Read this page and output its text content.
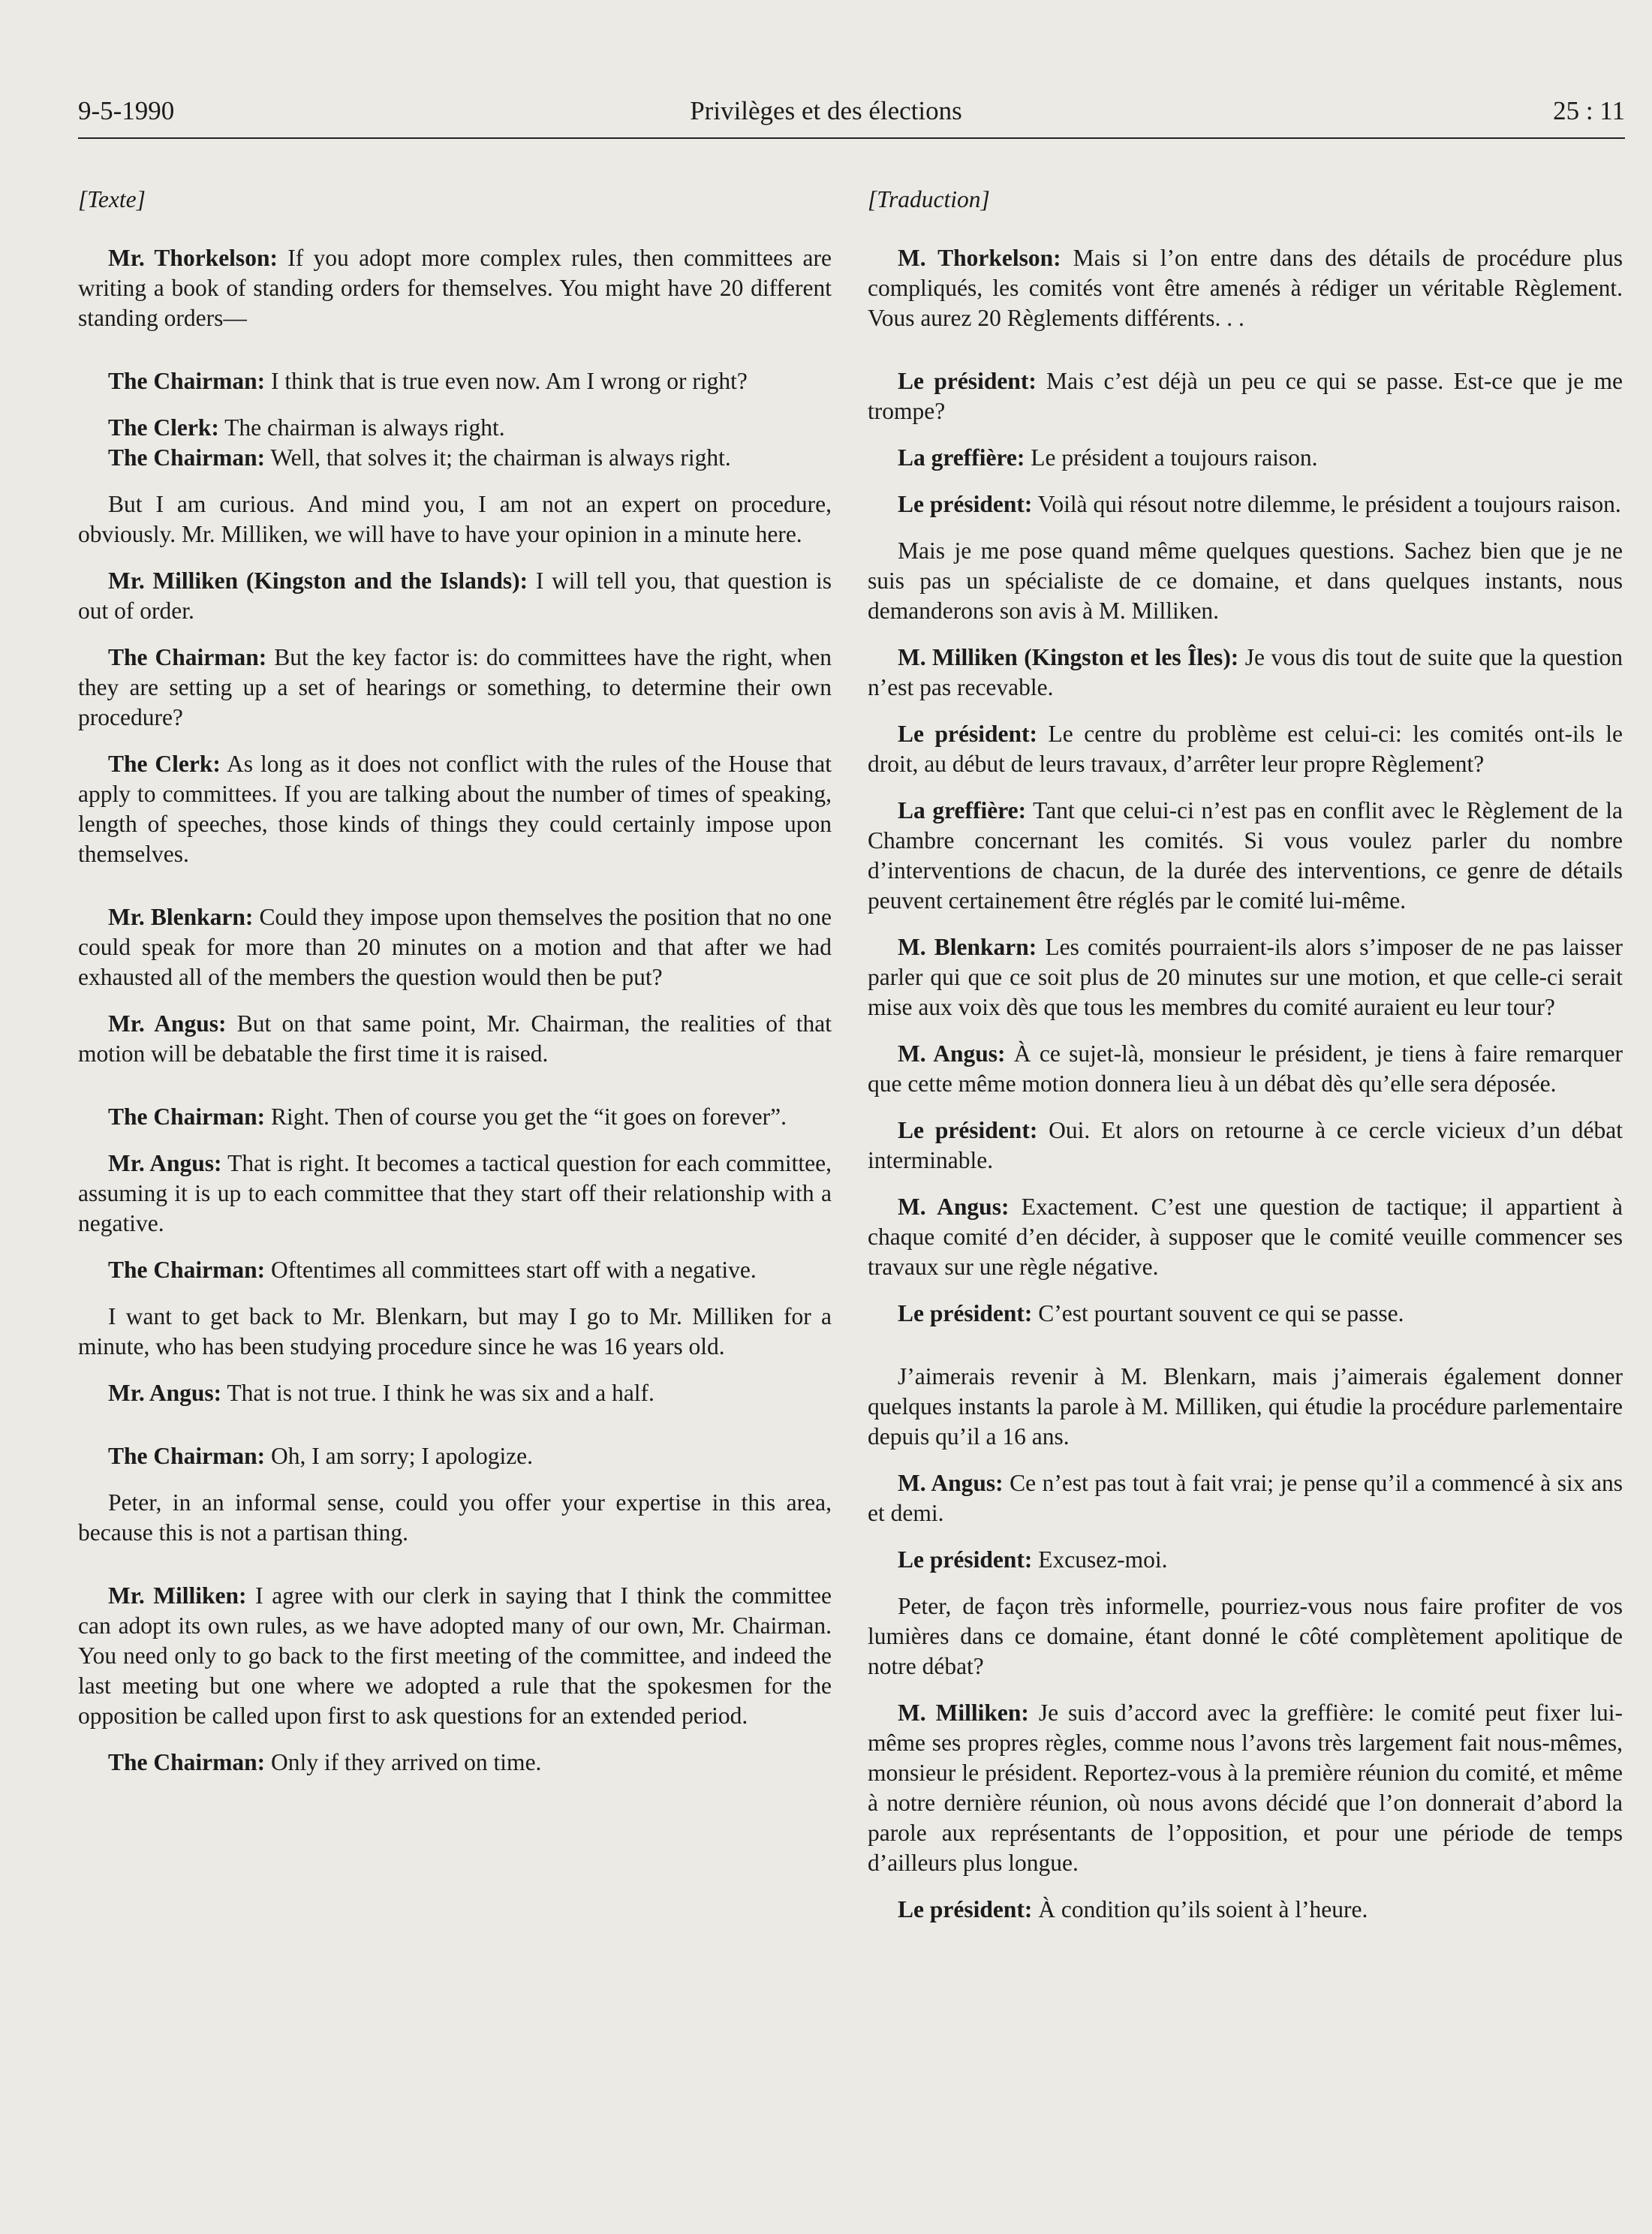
9-5-1990	Privilèges et des élections	25 : 11
[Texte]

Mr. Thorkelson: If you adopt more complex rules, then committees are writing a book of standing orders for themselves. You might have 20 different standing orders—

The Chairman: I think that is true even now. Am I wrong or right?

The Clerk: The chairman is always right.

The Chairman: Well, that solves it; the chairman is always right.

But I am curious. And mind you, I am not an expert on procedure, obviously. Mr. Milliken, we will have to have your opinion in a minute here.

Mr. Milliken (Kingston and the Islands): I will tell you, that question is out of order.

The Chairman: But the key factor is: do committees have the right, when they are setting up a set of hearings or something, to determine their own procedure?

The Clerk: As long as it does not conflict with the rules of the House that apply to committees. If you are talking about the number of times of speaking, length of speeches, those kinds of things they could certainly impose upon themselves.

Mr. Blenkarn: Could they impose upon themselves the position that no one could speak for more than 20 minutes on a motion and that after we had exhausted all of the members the question would then be put?

Mr. Angus: But on that same point, Mr. Chairman, the realities of that motion will be debatable the first time it is raised.

The Chairman: Right. Then of course you get the “it goes on forever”.

Mr. Angus: That is right. It becomes a tactical question for each committee, assuming it is up to each committee that they start off their relationship with a negative.

The Chairman: Oftentimes all committees start off with a negative.

I want to get back to Mr. Blenkarn, but may I go to Mr. Milliken for a minute, who has been studying procedure since he was 16 years old.

Mr. Angus: That is not true. I think he was six and a half.

The Chairman: Oh, I am sorry; I apologize.

Peter, in an informal sense, could you offer your expertise in this area, because this is not a partisan thing.

Mr. Milliken: I agree with our clerk in saying that I think the committee can adopt its own rules, as we have adopted many of our own, Mr. Chairman. You need only to go back to the first meeting of the committee, and indeed the last meeting but one where we adopted a rule that the spokesmen for the opposition be called upon first to ask questions for an extended period.

The Chairman: Only if they arrived on time.

[Traduction]

M. Thorkelson: Mais si l’on entre dans des détails de procédure plus compliqués, les comités vont être amenés à rédiger un véritable Règlement. Vous aurez 20 Règlements différents. . .

Le président: Mais c’est déjà un peu ce qui se passe. Est-ce que je me trompe?

La greffière: Le président a toujours raison.

Le président: Voilà qui résout notre dilemme, le président a toujours raison.

Mais je me pose quand même quelques questions. Sachez bien que je ne suis pas un spécialiste de ce domaine, et dans quelques instants, nous demanderons son avis à M. Milliken.

M. Milliken (Kingston et les Îles): Je vous dis tout de suite que la question n’est pas recevable.

Le président: Le centre du problème est celui-ci: les comités ont-ils le droit, au début de leurs travaux, d’arrêter leur propre Règlement?

La greffière: Tant que celui-ci n’est pas en conflit avec le Règlement de la Chambre concernant les comités. Si vous voulez parler du nombre d’interventions de chacun, de la durée des interventions, ce genre de détails peuvent certainement être réglés par le comité lui-même.

M. Blenkarn: Les comités pourraient-ils alors s’imposer de ne pas laisser parler qui que ce soit plus de 20 minutes sur une motion, et que celle-ci serait mise aux voix dès que tous les membres du comité auraient eu leur tour?

M. Angus: À ce sujet-là, monsieur le président, je tiens à faire remarquer que cette même motion donnera lieu à un débat dès qu’elle sera déposée.

Le président: Oui. Et alors on retourne à ce cercle vicieux d’un débat interminable.

M. Angus: Exactement. C’est une question de tactique; il appartient à chaque comité d’en décider, à supposer que le comité veuille commencer ses travaux sur une règle négative.

Le président: C’est pourtant souvent ce qui se passe.

J’aimerais revenir à M. Blenkarn, mais j’aimerais également donner quelques instants la parole à M. Milliken, qui étudie la procédure parlementaire depuis qu’il a 16 ans.

M. Angus: Ce n’est pas tout à fait vrai; je pense qu’il a commencé à six ans et demi.

Le président: Excusez-moi.

Peter, de façon très informelle, pourriez-vous nous faire profiter de vos lumières dans ce domaine, étant donné le côté complètement apolitique de notre débat?

M. Milliken: Je suis d’accord avec la greffière: le comité peut fixer lui-même ses propres règles, comme nous l’avons très largement fait nous-mêmes, monsieur le président. Reportez-vous à la première réunion du comité, et même à notre dernière réunion, où nous avons décidé que l’on donnerait d’abord la parole aux représentants de l’opposition, et pour une période de temps d’ailleurs plus longue.

Le président: À condition qu’ils soient à l’heure.
